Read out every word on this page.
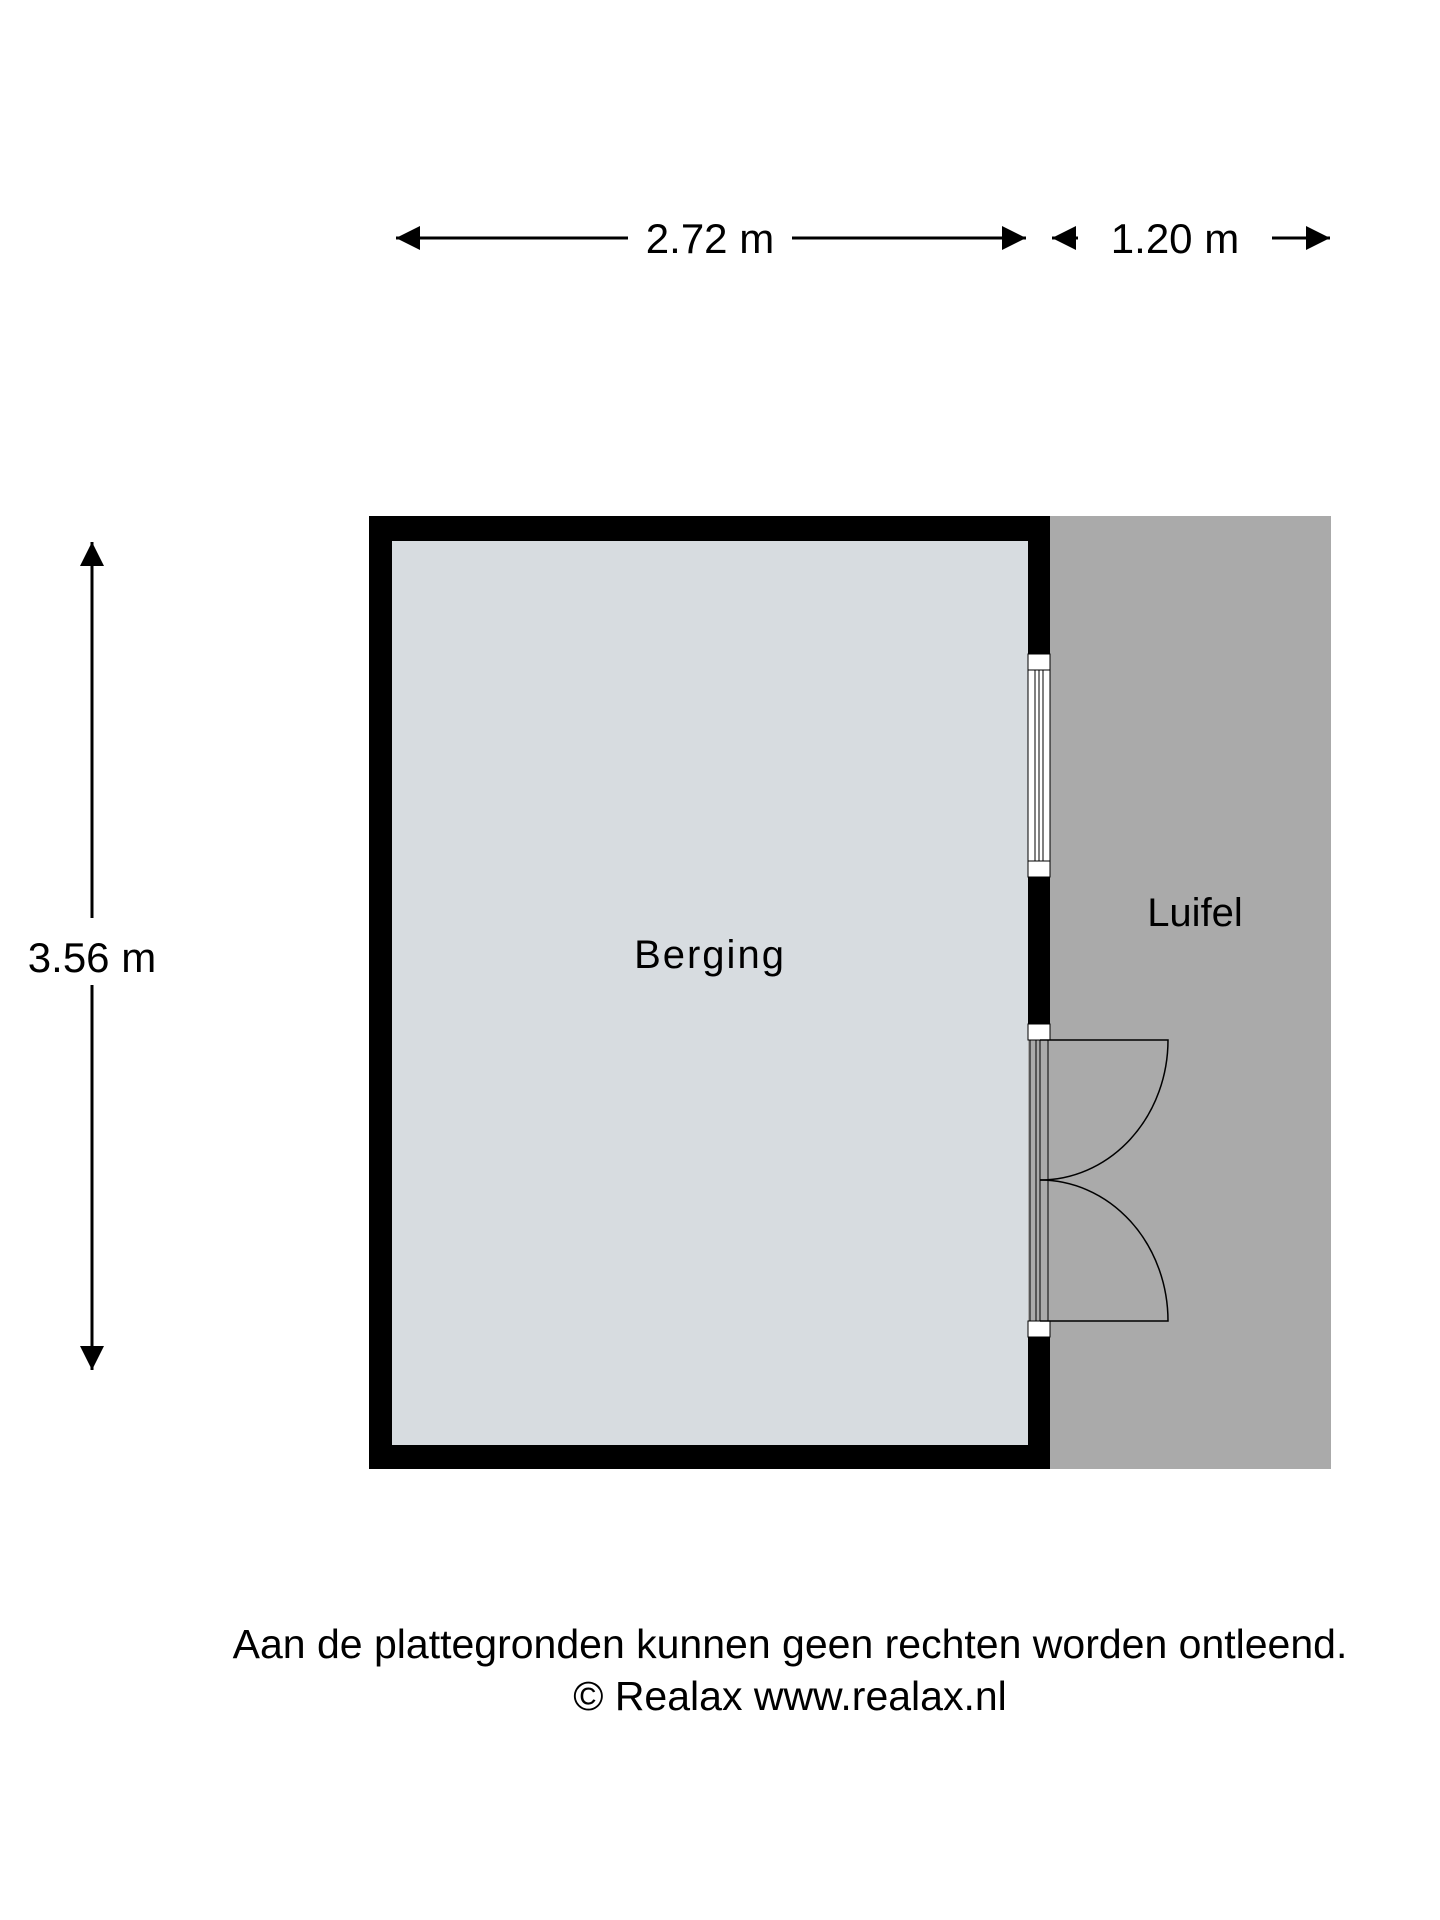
2.72 m	1.20 m
3.56 m	Berging
Luifel
Aan de plattegronden kunnen geen rechten worden ontleend.
© Realax www.realax.nl
